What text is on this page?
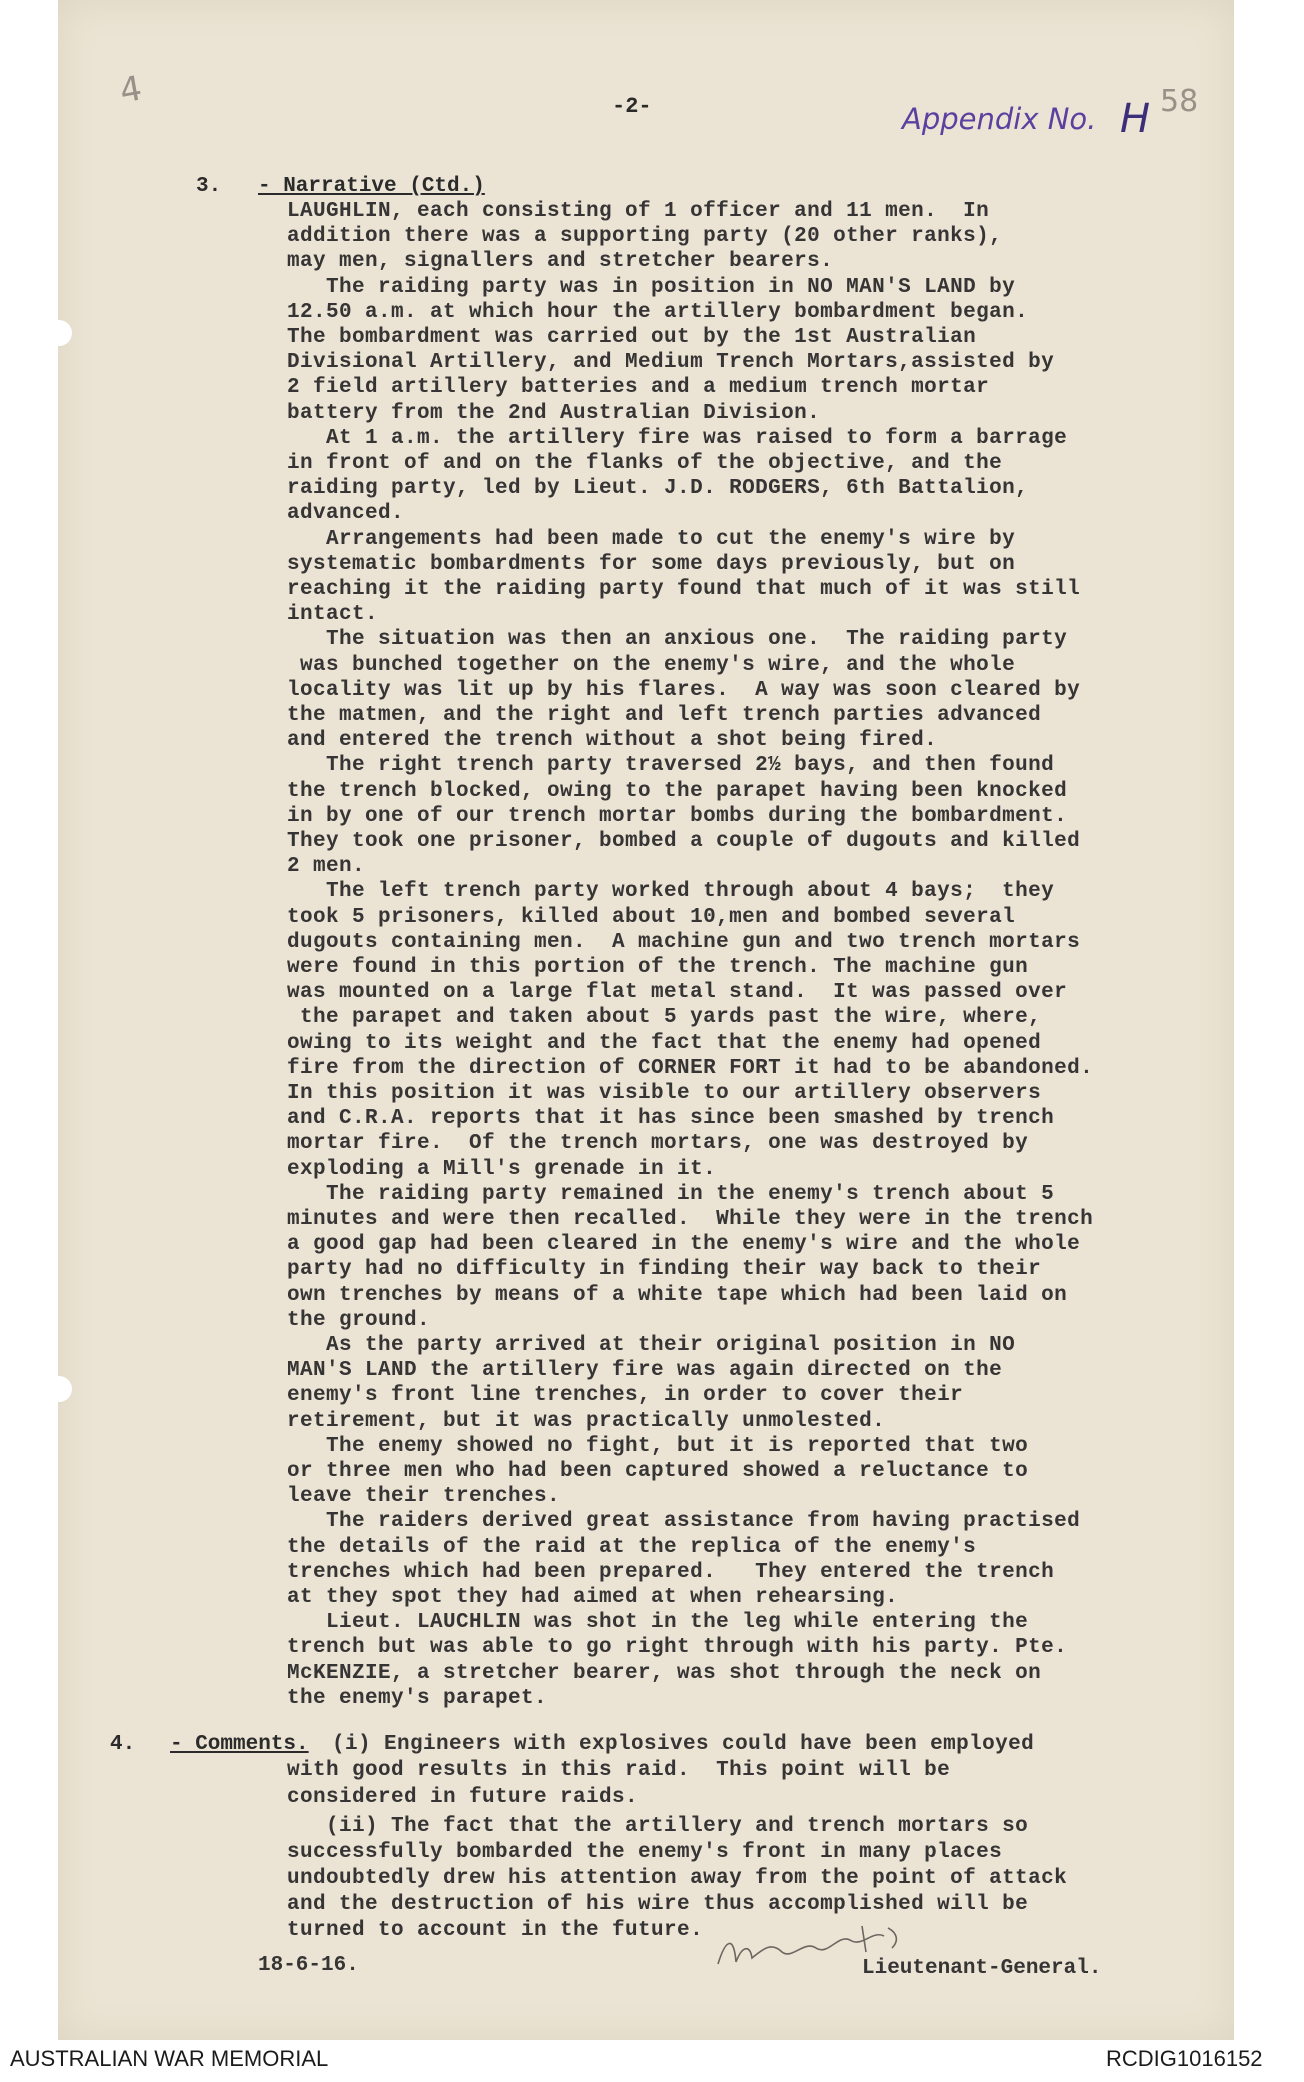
4	-2-	Appendix No. H 58
3. - Narrative (Ctd.)
LAUGHLIN, each consisting of 1 officer and 11 men.  In
addition there was a supporting party (20 other ranks),
may men, signallers and stretcher bearers.
The raiding party was in position in NO MAN'S LAND by
12.50 a.m. at which hour the artillery bombardment began.
The bombardment was carried out by the 1st Australian
Divisional Artillery, and Medium Trench Mortars,assisted by
2 field artillery batteries and a medium trench mortar
battery from the 2nd Australian Division.
At 1 a.m. the artillery fire was raised to form a barrage
in front of and on the flanks of the objective, and the
raiding party, led by Lieut. J.D. RODGERS, 6th Battalion,
advanced.
Arrangements had been made to cut the enemy's wire by
systematic bombardments for some days previously, but on
reaching it the raiding party found that much of it was still
intact.
The situation was then an anxious one.  The raiding party
was bunched together on the enemy's wire, and the whole
locality was lit up by his flares.  A way was soon cleared by
the matmen, and the right and left trench parties advanced
and entered the trench without a shot being fired.
The right trench party traversed 2½ bays, and then found
the trench blocked, owing to the parapet having been knocked
in by one of our trench mortar bombs during the bombardment.
They took one prisoner, bombed a couple of dugouts and killed
2 men.
The left trench party worked through about 4 bays;  they
took 5 prisoners, killed about 10,men and bombed several
dugouts containing men.  A machine gun and two trench mortars
were found in this portion of the trench. The machine gun
was mounted on a large flat metal stand.  It was passed over
the parapet and taken about 5 yards past the wire, where,
owing to its weight and the fact that the enemy had opened
fire from the direction of CORNER FORT it had to be abandoned.
In this position it was visible to our artillery observers
and C.R.A. reports that it has since been smashed by trench
mortar fire.  Of the trench mortars, one was destroyed by
exploding a Mill's grenade in it.
The raiding party remained in the enemy's trench about 5
minutes and were then recalled.  While they were in the trench
a good gap had been cleared in the enemy's wire and the whole
party had no difficulty in finding their way back to their
own trenches by means of a white tape which had been laid on
the ground.
As the party arrived at their original position in NO
MAN'S LAND the artillery fire was again directed on the
enemy's front line trenches, in order to cover their
retirement, but it was practically unmolested.
The enemy showed no fight, but it is reported that two
or three men who had been captured showed a reluctance to
leave their trenches.
The raiders derived great assistance from having practised
the details of the raid at the replica of the enemy's
trenches which had been prepared.   They entered the trench
at they spot they had aimed at when rehearsing.
Lieut. LAUCHLIN was shot in the leg while entering the
trench but was able to go right through with his party. Pte.
McKENZIE, a stretcher bearer, was shot through the neck on
the enemy's parapet.
4. - Comments. (i) Engineers with explosives could have been employed
with good results in this raid.  This point will be
considered in future raids.
(ii) The fact that the artillery and trench mortars so
successfully bombarded the enemy's front in many places
undoubtedly drew his attention away from the point of attack
and the destruction of his wire thus accomplished will be
turned to account in the future.
18-6-16.	Lieutenant-General.
AUSTRALIAN WAR MEMORIAL	RCDIG1016152
